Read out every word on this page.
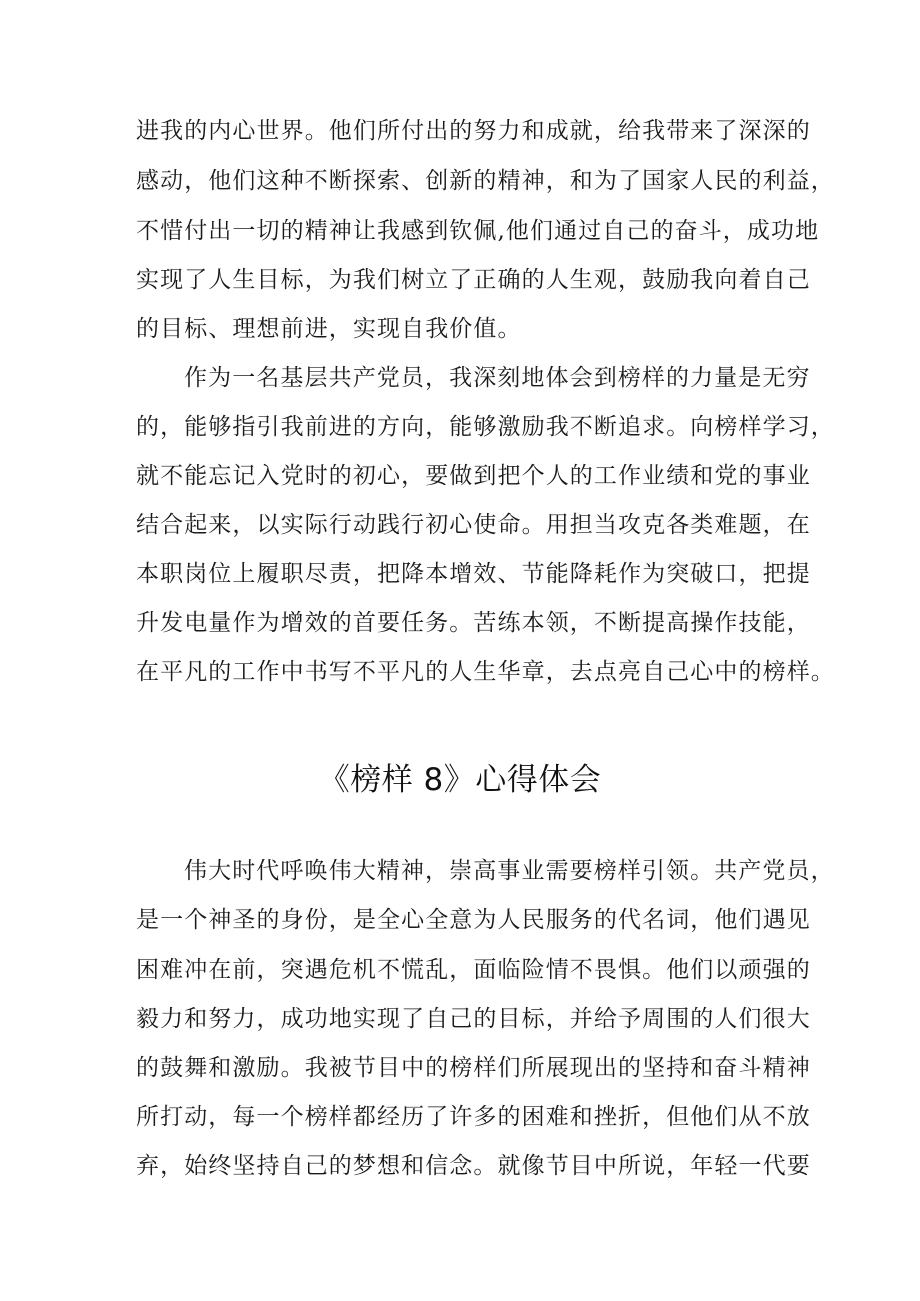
进我的内心世界。他们所付出的努力和成就，给我带来了深深的
感动，他们这种不断探索、创新的精神，和为了国家人民的利益，
不惜付出一切的精神让我感到钦佩,他们通过自己的奋斗，成功地
实现了人生目标，为我们树立了正确的人生观，鼓励我向着自己
的目标、理想前进，实现自我价值。
作为一名基层共产党员，我深刻地体会到榜样的力量是无穷
的，能够指引我前进的方向，能够激励我不断追求。向榜样学习，
就不能忘记入党时的初心，要做到把个人的工作业绩和党的事业
结合起来，以实际行动践行初心使命。用担当攻克各类难题，在
本职岗位上履职尽责，把降本增效、节能降耗作为突破口，把提
升发电量作为增效的首要任务。苦练本领，不断提高操作技能，
在平凡的工作中书写不平凡的人生华章，去点亮自己心中的榜样。
《榜样 8》心得体会
伟大时代呼唤伟大精神，崇高事业需要榜样引领。共产党员，
是一个神圣的身份，是全心全意为人民服务的代名词，他们遇见
困难冲在前，突遇危机不慌乱，面临险情不畏惧。他们以顽强的
毅力和努力，成功地实现了自己的目标，并给予周围的人们很大
的鼓舞和激励。我被节目中的榜样们所展现出的坚持和奋斗精神
所打动，每一个榜样都经历了许多的困难和挫折，但他们从不放
弃，始终坚持自己的梦想和信念。就像节目中所说，年轻一代要
